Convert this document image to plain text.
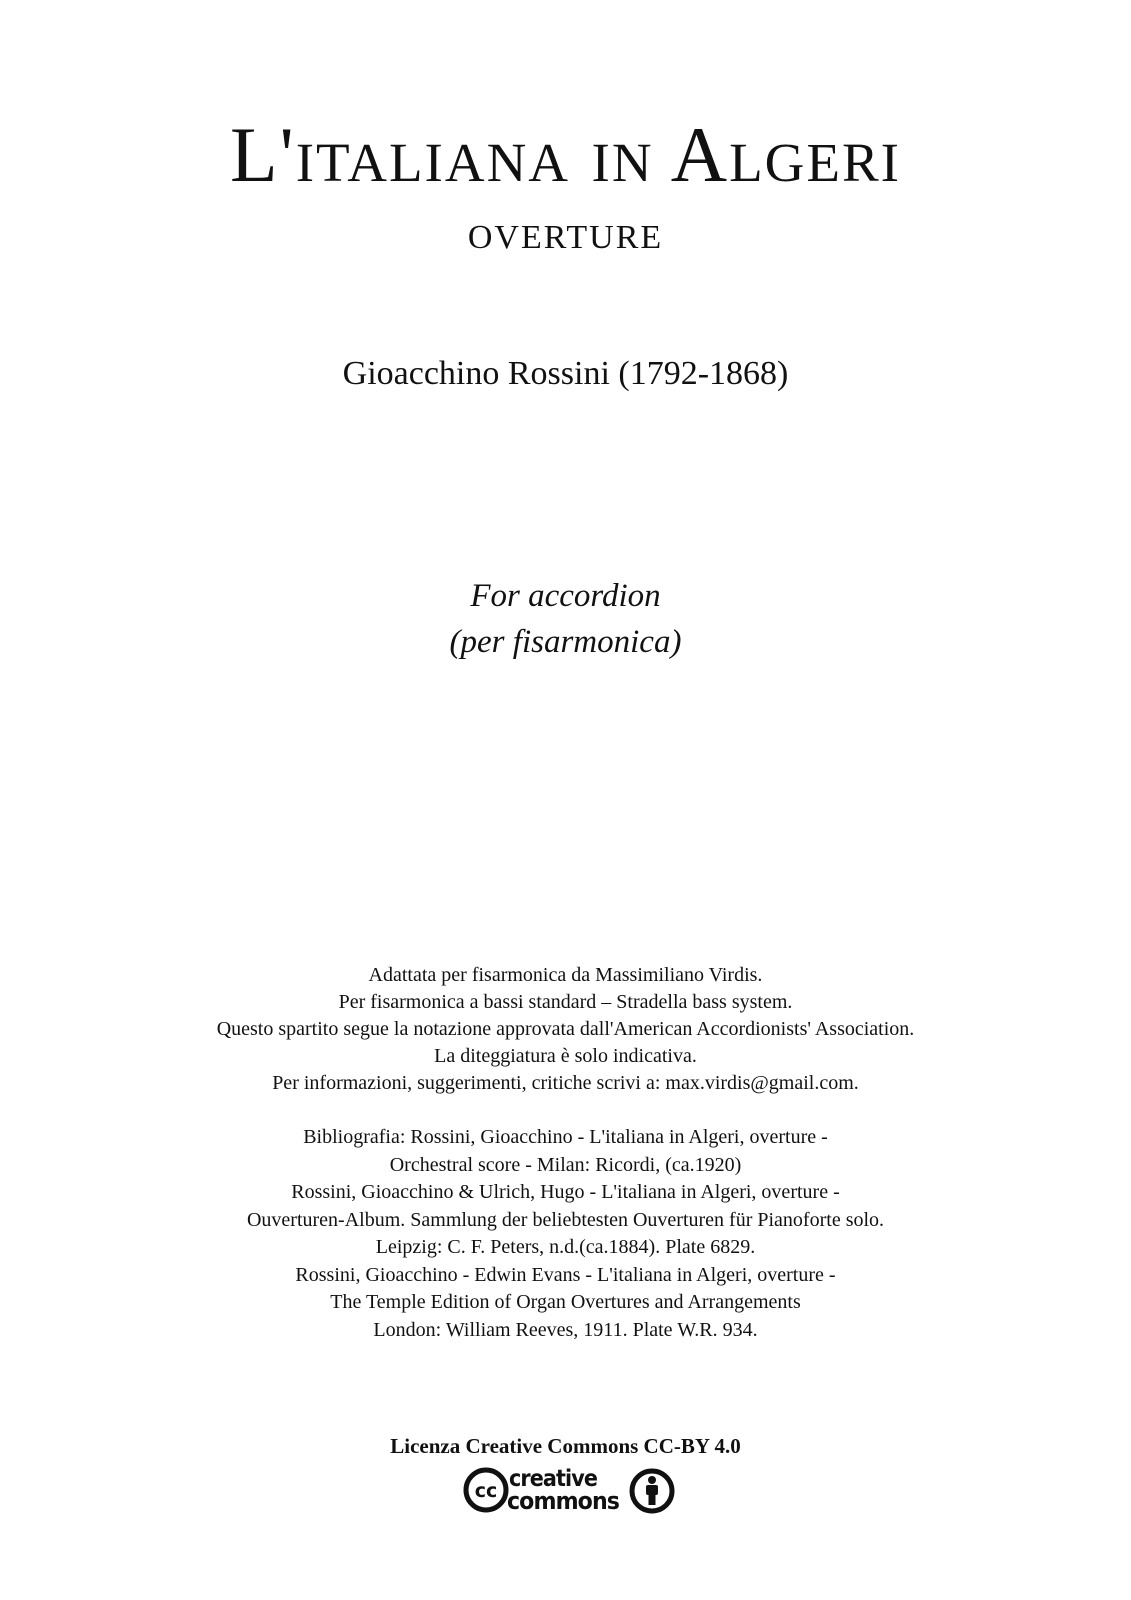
L'italiana in Algeri
OVERTURE
Gioacchino Rossini (1792-1868)
For accordion
(per fisarmonica)
Adattata per fisarmonica da Massimiliano Virdis.
Per fisarmonica a bassi standard – Stradella bass system.
Questo spartito segue la notazione approvata dall'American Accordionists' Association.
La diteggiatura è solo indicativa.
Per informazioni, suggerimenti, critiche scrivi a: max.virdis@gmail.com.
Bibliografia: Rossini, Gioacchino - L'italiana in Algeri, overture -
Orchestral score - Milan: Ricordi, (ca.1920)
Rossini, Gioacchino & Ulrich, Hugo - L'italiana in Algeri, overture -
Ouverturen-Album. Sammlung der beliebtesten Ouverturen für Pianoforte solo.
Leipzig: C. F. Peters, n.d.(ca.1884). Plate 6829.
Rossini, Gioacchino - Edwin Evans - L'italiana in Algeri, overture -
The Temple Edition of Organ Overtures and Arrangements
London: William Reeves, 1911. Plate W.R. 934.
Licenza Creative Commons CC-BY 4.0
cc creative
commons
